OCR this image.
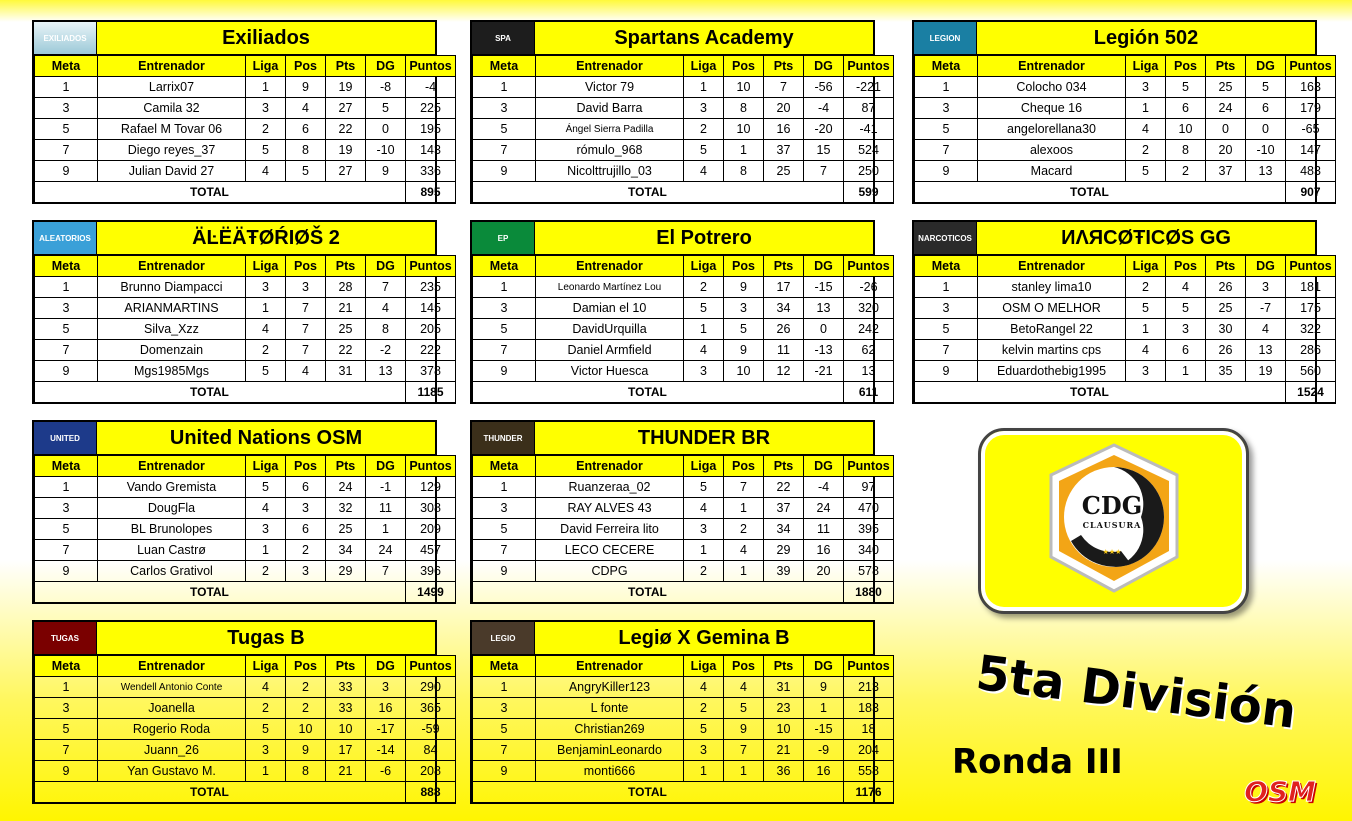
EXILIADOS	Exiliados
Meta	Entrenador	Liga	Pos	Pts	DG	Puntos
1	Larrix07	1	9	19	-8	-4
3	Camila 32	3	4	27	5	225
5	Rafael M Tovar 06	2	6	22	0	195
7	Diego reyes_37	5	8	19	-10	143
9	Julian David 27	4	5	27	9	336
TOTAL						895
SPA	Spartans Academy
Meta	Entrenador	Liga	Pos	Pts	DG	Puntos
1	Victor 79	1	10	7	-56	-221
3	David Barra	3	8	20	-4	87
5	Ángel Sierra Padilla	2	10	16	-20	-41
7	rómulo_968	5	1	37	15	524
9	Nicolttrujillo_03	4	8	25	7	250
TOTAL						599
LEGION	Legión 502
Meta	Entrenador	Liga	Pos	Pts	DG	Puntos
1	Colocho 034	3	5	25	5	163
3	Cheque 16	1	6	24	6	179
5	angelorellana30	4	10	0	0	-65
7	alexoos	2	8	20	-10	147
9	Macard	5	2	37	13	483
TOTAL						907
ALEATORIOS	ÄĿËÄŦØŔIØŠ 2
Meta	Entrenador	Liga	Pos	Pts	DG	Puntos
1	Brunno Diampacci	3	3	28	7	235
3	ARIANMARTINS	1	7	21	4	145
5	Silva_Xzz	4	7	25	8	205
7	Domenzain	2	7	22	-2	222
9	Mgs1985Mgs	5	4	31	13	378
TOTAL						1185
EP	El Potrero
Meta	Entrenador	Liga	Pos	Pts	DG	Puntos
1	Leonardo Martínez Lou	2	9	17	-15	-26
3	Damian el 10	5	3	34	13	320
5	DavidUrquilla	1	5	26	0	242
7	Daniel Armfield	4	9	11	-13	62
9	Victor Huesca	3	10	12	-21	13
TOTAL						611
NARCOTICOS	ИΛЯCØŦICØS GG
Meta	Entrenador	Liga	Pos	Pts	DG	Puntos
1	stanley lima10	2	4	26	3	181
3	OSM O MELHOR	5	5	25	-7	175
5	BetoRangel 22	1	3	30	4	322
7	kelvin martins cps	4	6	26	13	286
9	Eduardothebig1995	3	1	35	19	560
TOTAL						1524
UNITED	United Nations OSM
Meta	Entrenador	Liga	Pos	Pts	DG	Puntos
1	Vando Gremista	5	6	24	-1	129
3	DougFla	4	3	32	11	308
5	BL Brunolopes	3	6	25	1	209
7	Luan Castrø	1	2	34	24	457
9	Carlos Grativol	2	3	29	7	396
TOTAL						1499
THUNDER	THUNDER BR
Meta	Entrenador	Liga	Pos	Pts	DG	Puntos
1	Ruanzeraa_02	5	7	22	-4	97
3	RAY ALVES 43	4	1	37	24	470
5	David Ferreira lito	3	2	34	11	395
7	LECO CECERE	1	4	29	16	340
9	CDPG	2	1	39	20	578
TOTAL						1880
TUGAS	Tugas B
Meta	Entrenador	Liga	Pos	Pts	DG	Puntos
1	Wendell Antonio Conte	4	2	33	3	290
3	Joanella	2	2	33	16	365
5	Rogerio Roda	5	10	10	-17	-59
7	Juann_26	3	9	17	-14	84
9	Yan Gustavo M.	1	8	21	-6	208
TOTAL						888
LEGIO	Legiø X Gemina B
Meta	Entrenador	Liga	Pos	Pts	DG	Puntos
1	AngryKiller123	4	4	31	9	213
3	L fonte	2	5	23	1	183
5	Christian269	5	9	10	-15	18
7	BenjaminLeonardo	3	7	21	-9	204
9	monti666	1	1	36	16	558
TOTAL						1176
CDG
CLAUSURA
2024
★★★
5ta División
Ronda III
OSM
